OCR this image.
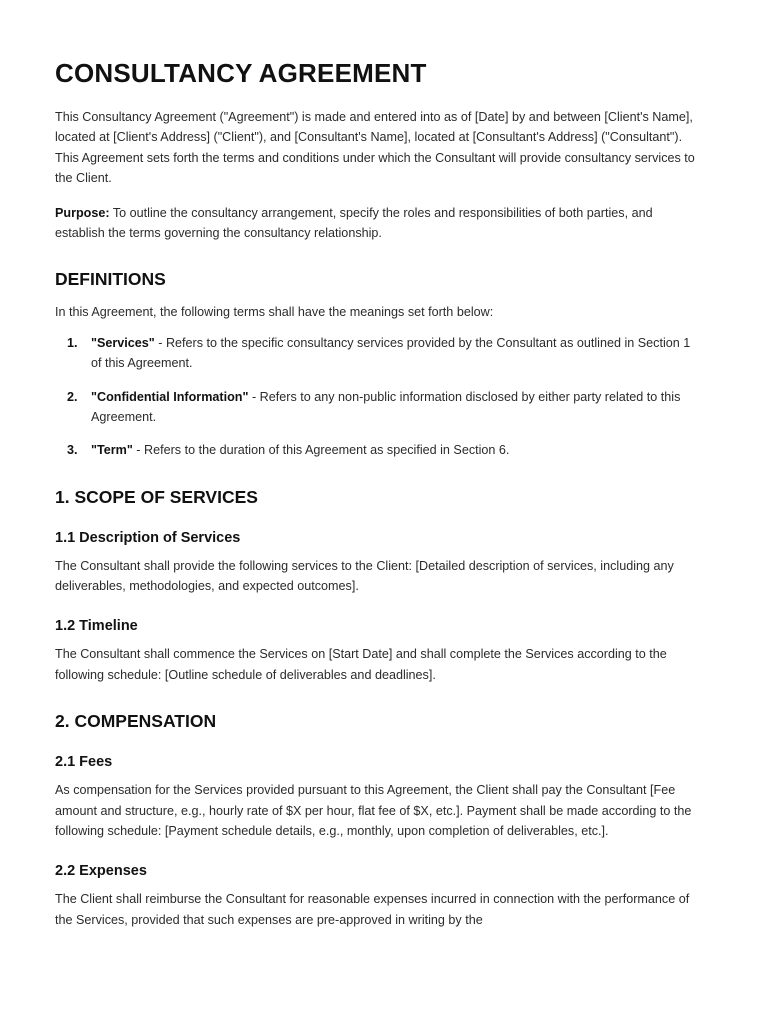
CONSULTANCY AGREEMENT

This Consultancy Agreement ("Agreement") is made and entered into as of [Date] by and between [Client's Name], located at [Client's Address] ("Client"), and [Consultant's Name], located at [Consultant's Address] ("Consultant"). This Agreement sets forth the terms and conditions under which the Consultant will provide consultancy services to the Client.

Purpose: To outline the consultancy arrangement, specify the roles and responsibilities of both parties, and establish the terms governing the consultancy relationship.

DEFINITIONS

In this Agreement, the following terms shall have the meanings set forth below:

"Services" - Refers to the specific consultancy services provided by the Consultant as outlined in Section 1 of this Agreement.
"Confidential Information" - Refers to any non-public information disclosed by either party related to this Agreement.
"Term" - Refers to the duration of this Agreement as specified in Section 6.
1. SCOPE OF SERVICES
1.1 Description of Services

The Consultant shall provide the following services to the Client: [Detailed description of services, including any deliverables, methodologies, and expected outcomes].

1.2 Timeline

The Consultant shall commence the Services on [Start Date] and shall complete the Services according to the following schedule: [Outline schedule of deliverables and deadlines].

2. COMPENSATION
2.1 Fees

As compensation for the Services provided pursuant to this Agreement, the Client shall pay the Consultant [Fee amount and structure, e.g., hourly rate of $X per hour, flat fee of $X, etc.]. Payment shall be made according to the following schedule: [Payment schedule details, e.g., monthly, upon completion of deliverables, etc.].

2.2 Expenses

The Client shall reimburse the Consultant for reasonable expenses incurred in connection with the performance of the Services, provided that such expenses are pre-approved in writing by the
